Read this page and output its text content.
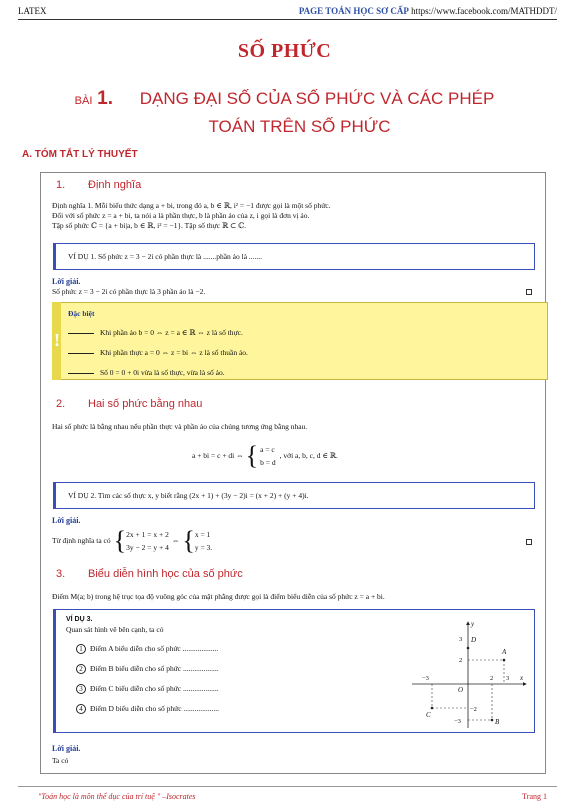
LATEX	PAGE TOÁN HỌC SƠ CẤP https://www.facebook.com/MATHDDT/
SỐ PHỨC
BÀI 1. DẠNG ĐẠI SỐ CỦA SỐ PHỨC VÀ CÁC PHÉP
TOÁN TRÊN SỐ PHỨC
A. TÓM TẮT LÝ THUYẾT
1. Định nghĩa
Định nghĩa 1. Mỗi biểu thức dạng a + bi, trong đó a, b ∈ ℝ, i² = −1 được gọi là một số phức.
Đối với số phức z = a + bi, ta nói a là phần thực, b là phần ảo của z, i gọi là đơn vị ảo.
Tập số phức ℂ = {a + bi|a, b ∈ ℝ, i² = −1}. Tập số thực ℝ ⊂ ℂ.
VÍ DỤ 1. Số phức z = 3 − 2i có phần thực là .......phần ảo là .......
Lời giải.
Số phức z = 3 − 2i có phần thực là 3 phần ảo là −2.
!
Đặc biệt
Khi phần ảo b = 0 ⇔ z = a ∈ ℝ ⇔ z là số thực.
Khi phần thực a = 0 ⇔ z = bi ⇔ z là số thuần ảo.
Số 0 = 0 + 0i vừa là số thực, vừa là số ảo.
2. Hai số phức bằng nhau
Hai số phức là bằng nhau nếu phần thực và phần ảo của chúng tương ứng bằng nhau.
a + bi = c + di ⇔ { a = c
b = d
, với a, b, c, d ∈ ℝ.
VÍ DỤ 2. Tìm các số thực x, y biết rằng (2x + 1) + (3y − 2)i = (x + 2) + (y + 4)i.
Lời giải.
Từ định nghĩa ta có { 2x + 1 = x + 2
3y − 2 = y + 4
⇔ { x = 1
y = 3.
3. Biểu diễn hình học của số phức
Điểm M(a; b) trong hệ trục tọa độ vuông góc của mặt phẳng được gọi là điểm biểu diễn của số phức z = a + bi.
VÍ DỤ 3.
Quan sát hình vẽ bên cạnh, ta có
1 Điểm A biểu diễn cho số phức ...................
2 Điểm B biểu diễn cho số phức ...................
3 Điểm C biểu diễn cho số phức ...................
4 Điểm D biểu diễn cho số phức ...................
y
x
O
A
B
C
D
3
2
−3	2 3
−2
−3
Lời giải.
Ta có
"Toán học là môn thể dục của trí tuệ " –Isocrates	Trang 1
